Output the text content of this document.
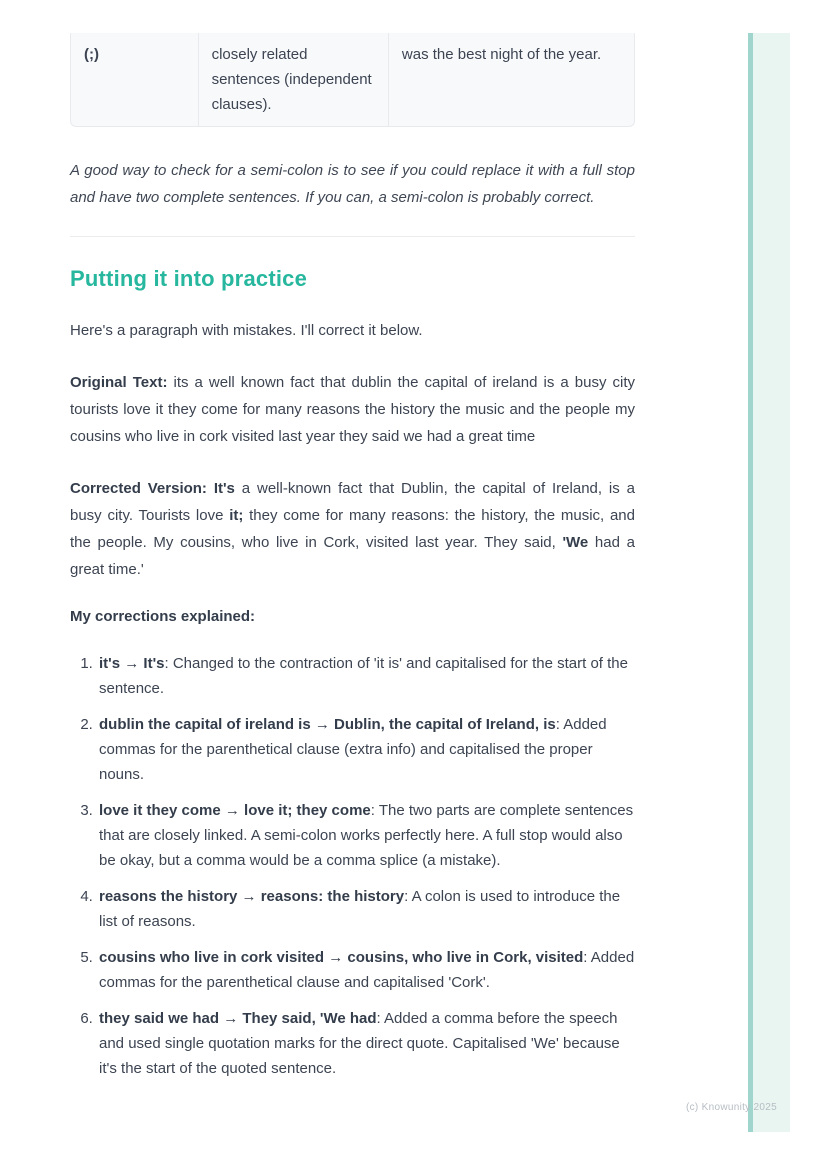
(c) Knowunity 2025
(;)	closely related sentences (independent clauses).
was the best night of the year.

A good way to check for a semi-colon is to see if you could replace it with a full stop and have two complete sentences. If you can, a semi-colon is probably correct.

Putting it into practice

Here's a paragraph with mistakes. I'll correct it below.

Original Text: its a well known fact that dublin the capital of ireland is a busy city tourists love it they come for many reasons the history the music and the people my cousins who live in cork visited last year they said we had a great time

Corrected Version: It's a well-known fact that Dublin, the capital of Ireland, is a busy city. Tourists love it; they come for many reasons: the history, the music, and the people. My cousins, who live in Cork, visited last year. They said, 'We had a great time.'

My corrections explained:

1. it's → It's: Changed to the contraction of 'it is' and capitalised for the start of the sentence.
2. dublin the capital of ireland is → Dublin, the capital of Ireland, is: Added commas for the parenthetical clause (extra info) and capitalised the proper nouns.
3. love it they come → love it; they come: The two parts are complete sentences that are closely linked. A semi-colon works perfectly here. A full stop would also be okay, but a comma would be a comma splice (a mistake).
4. reasons the history → reasons: the history: A colon is used to introduce the list of reasons.
5. cousins who live in cork visited → cousins, who live in Cork, visited: Added commas for the parenthetical clause and capitalised 'Cork'.
6. they said we had → They said, 'We had: Added a comma before the speech and used single quotation marks for the direct quote. Capitalised 'We' because it's the start of the quoted sentence.
